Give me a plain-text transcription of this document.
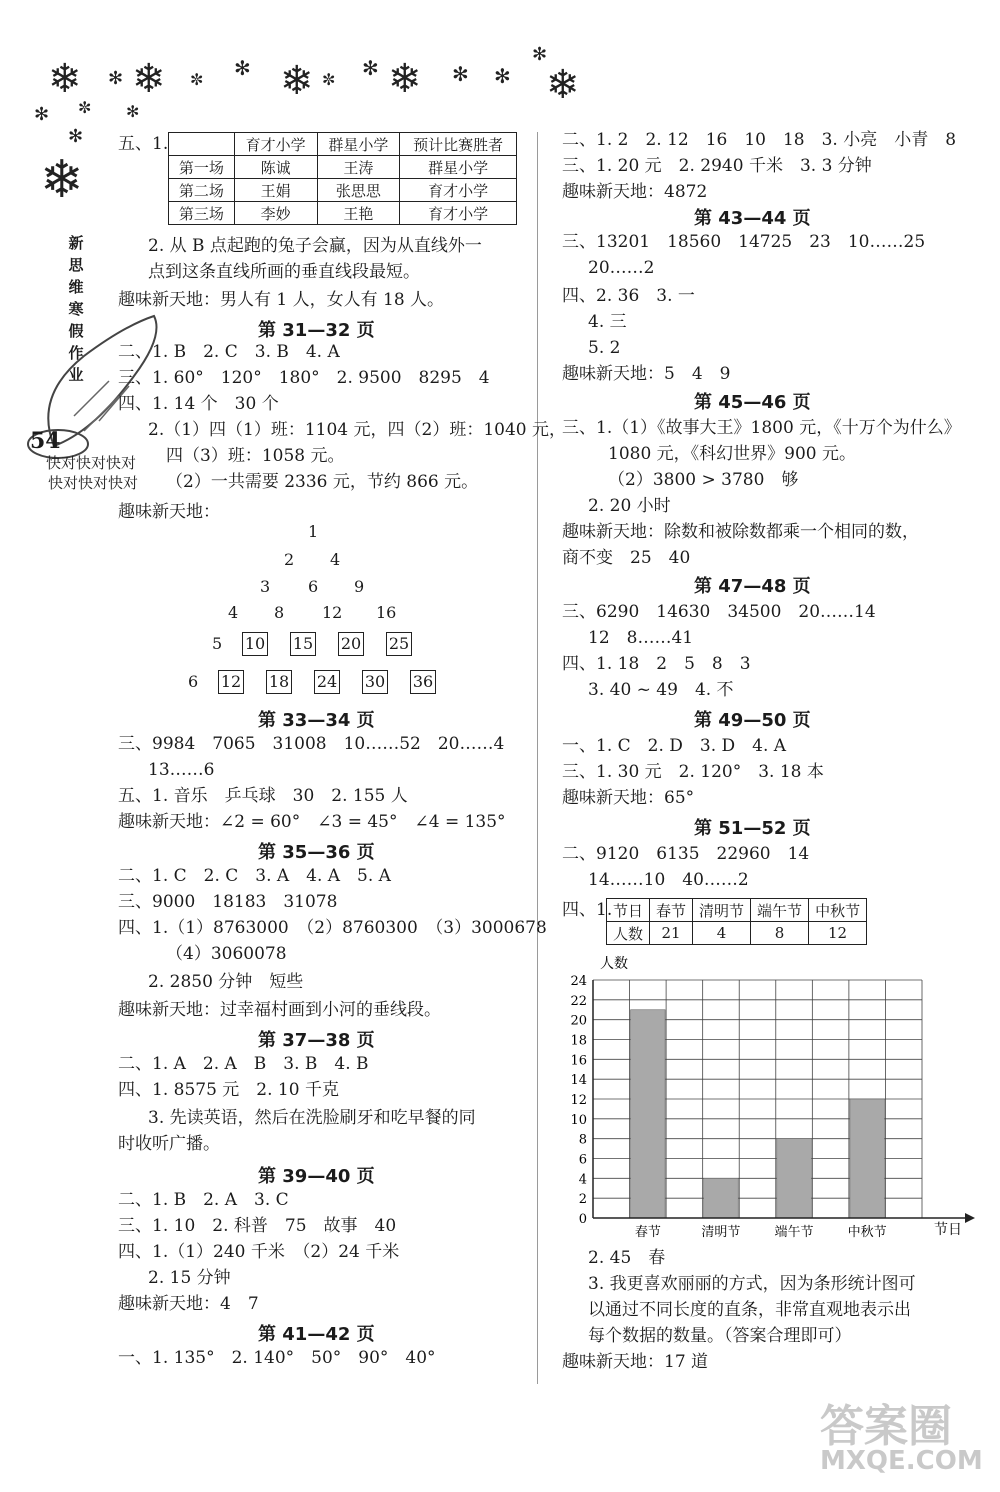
❄ ✻ ❄ ✼ ✻ ❄ ✼ ✻ ❄ ✻ ✻
✻
❄
✻ ✼ ✻
✻
❄
新思维寒假作业
54
快对快对快对
快对快对快对
五、1.
		育才小学	群星小学	预计比赛胜者
第一场	陈诚	王涛	群星小学
第二场	王娟	张思思	育才小学
第三场	李妙	王艳	育才小学
2. 从 B 点起跑的兔子会赢，因为从直线外一
点到这条直线所画的垂直线段最短。
趣味新天地：男人有 1 人，女人有 18 人。
第 31—32 页
二、1. B　2. C　3. B　4. A
三、1. 60°　120°　180°　2. 9500　8295　4
四、1. 14 个　30 个
2.（1）四（1）班：1104 元，四（2）班：1040 元，
四（3）班：1058 元。
（2）一共需要 2336 元，节约 866 元。
趣味新天地：
1
2 4
3 6 9
4 8 12 16
5 10 15 20 25
6 12 18 24 30 36
第 33—34 页
三、9984　7065　31008　10……52　20……4
13……6
五、1. 音乐　乒乓球　30　2. 155 人
趣味新天地：∠2 = 60°　∠3 = 45°　∠4 = 135°
第 35—36 页
二、1. C　2. C　3. A　4. A　5. A
三、9000　18183　31078
四、1.（1）8763000　（2）8760300　（3）3000678
（4）3060078
2. 2850 分钟　短些
趣味新天地：过幸福村画到小河的垂线段。
第 37—38 页
二、1. A　2. A　B　3. B　4. B
四、1. 8575 元　2. 10 千克
3. 先读英语，然后在洗脸刷牙和吃早餐的同
时收听广播。
第 39—40 页
二、1. B　2. A　3. C
三、1. 10　2. 科普　75　故事　40
四、1.（1）240 千米　（2）24 千米
2. 15 分钟
趣味新天地：4　7
第 41—42 页
一、1. 135°　2. 140°　50°　90°　40°
二、1. 2　2. 12　16　10　18　3. 小亮　小青　8
三、1. 20 元　2. 2940 千米　3. 3 分钟
趣味新天地：4872
第 43—44 页
三、13201　18560　14725　23　10……25
20……2
四、2. 36　3. 一
4. 三
5. 2
趣味新天地：5　4　9
第 45—46 页
三、1.（1）《故事大王》1800 元，《十万个为什么》
1080 元，《科幻世界》900 元。
（2）3800 > 3780　够
2. 20 小时
趣味新天地：除数和被除数都乘一个相同的数，
商不变　25　40
第 47—48 页
三、6290　14630　34500　20……14
12　8……41
四、1. 18　2　5　8　3
3. 40 ~ 49　4. 不
第 49—50 页
一、1. C　2. D　3. D　4. A
三、1. 30 元　2. 120°　3. 18 本
趣味新天地：65°
第 51—52 页
二、9120　6135　22960　14
14……10　40……2
四、1. 节日	春节	清明节	端午节	中秋节
人数	21	4	8	12
人数
节日
0
2
4
6
8
10
12
14
16
18
20
22
24
春节	清明节	端午节	中秋节
2. 45　春
3. 我更喜欢丽丽的方式，因为条形统计图可
以通过不同长度的直条，非常直观地表示出
每个数据的数量。（答案合理即可）
趣味新天地：17 道
答案圈
MXQE.COM
